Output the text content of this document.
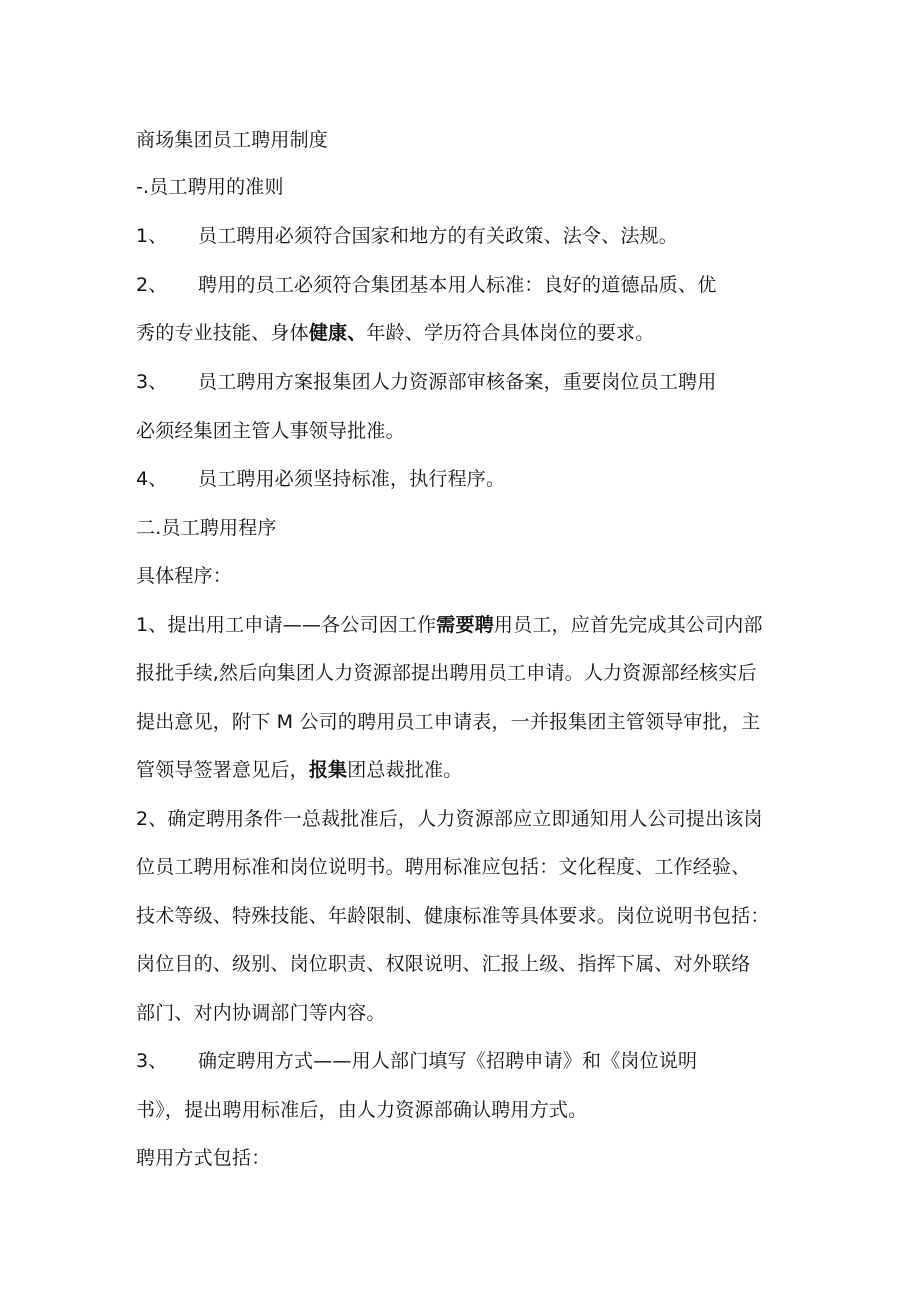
商场集团员工聘用制度
-.员工聘用的准则
1、 员工聘用必须符合国家和地方的有关政策、法令、法规。
2、 聘用的员工必须符合集团基本用人标准：良好的道德品质、优
秀的专业技能、身体健康、年龄、学历符合具体岗位的要求。
3、 员工聘用方案报集团人力资源部审核备案，重要岗位员工聘用
必须经集团主管人事领导批准。
4、 员工聘用必须坚持标准，执行程序。
二.员工聘用程序
具体程序：
1、提出用工申请——各公司因工作需要聘用员工，应首先完成其公司内部
报批手续,然后向集团人力资源部提出聘用员工申请。人力资源部经核实后
提出意见，附下 M 公司的聘用员工申请表，一并报集团主管领导审批，主
管领导签署意见后，报集团总裁批准。
2、确定聘用条件一总裁批准后，人力资源部应立即通知用人公司提出该岗
位员工聘用标准和岗位说明书。聘用标准应包括：文化程度、工作经验、
技术等级、特殊技能、年龄限制、健康标准等具体要求。岗位说明书包括：
岗位目的、级别、岗位职责、权限说明、汇报上级、指挥下属、对外联络
部门、对内协调部门等内容。
3、 确定聘用方式——用人部门填写《招聘申请》和《岗位说明
书》，提出聘用标准后，由人力资源部确认聘用方式。
聘用方式包括：
